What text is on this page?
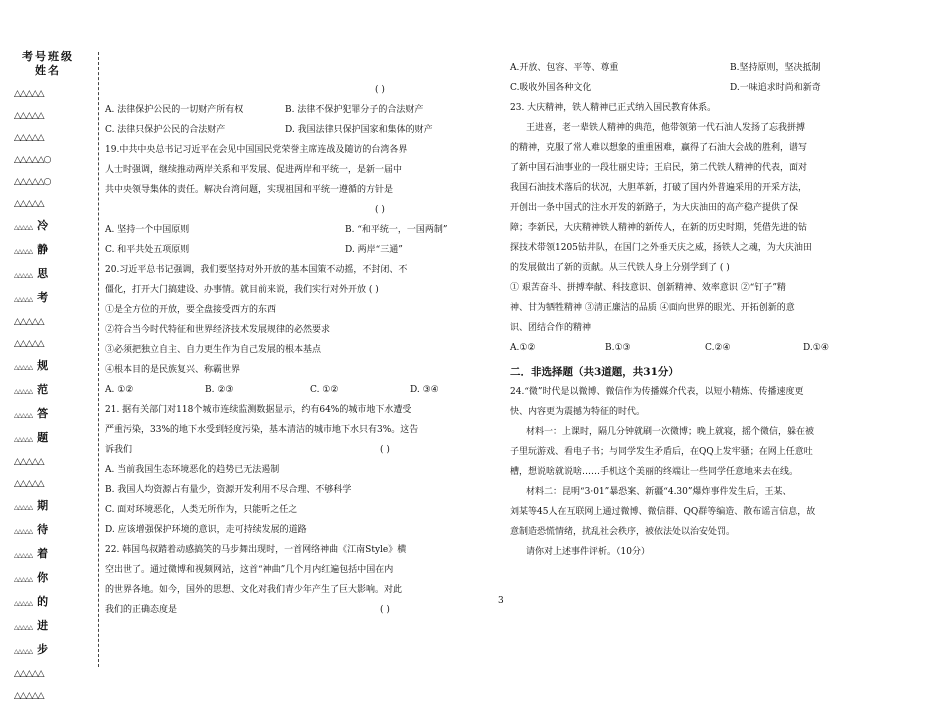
考号班级
姓名
△△△△△
△△△△△
△△△△△
△△△△△○
△△△△△○
△△△△△
△△△△△ 冷
△△△△△ 静
△△△△△ 思
△△△△△ 考
△△△△△
△△△△△
△△△△△ 规
△△△△△ 范
△△△△△ 答
△△△△△ 题
△△△△△
△△△△△
△△△△△ 期
△△△△△ 待
△△△△△ 着
△△△△△ 你
△△△△△ 的
△△△△△ 进
△△△△△ 步
△△△△△
△△△△△

( )

A. 法律保护公民的一切财产所有权	B. 法律不保护犯罪分子的合法财产
C. 法律只保护公民的合法财产	D. 我国法律只保护国家和集体的财产

19.中共中央总书记习近平在会见中国国民党荣誉主席连战及随访的台湾各界

人士时强调，继续推动两岸关系和平发展、促进两岸和平统一，是新一届中

共中央领导集体的责任。解决台湾问题，实现祖国和平统一遵循的方针是

( )

A. 坚持一个中国原则	B. “和平统一，一国两制”
C. 和平共处五项原则	D. 两岸“三通”

20.习近平总书记强调，我们要坚持对外开放的基本国策不动摇，不封闭、不

僵化，打开大门搞建设、办事情。就目前来说，我们实行对外开放 ( )

①是全方位的开放，要全盘接受西方的东西

②符合当今时代特征和世界经济技术发展规律的必然要求

③必须把独立自主、自力更生作为自己发展的根本基点

④根本目的是民族复兴、称霸世界

A. ①②	B. ②③	C. ①②	D. ③④

21. 据有关部门对118个城市连续监测数据显示，约有64%的城市地下水遭受

严重污染，33%的地下水受到轻度污染，基本清洁的城市地下水只有3%。这告

诉我们	( )

A. 当前我国生态环境恶化的趋势已无法遏制

B. 我国人均资源占有量少，资源开发利用不尽合理、不够科学

C. 面对环境恶化，人类无所作为，只能听之任之

D. 应该增强保护环境的意识，走可持续发展的道路

22. 韩国鸟叔踏着动感搞笑的马步舞出现时，一首网络神曲《江南Style》横

空出世了。通过微博和视频网站，这首“神曲”几个月内红遍包括中国在内

的世界各地。如今，国外的思想、文化对我们青少年产生了巨大影响。对此

我们的正确态度是	( )
A.开放、包容、平等、尊重	B.坚持原则，坚决抵制
C.吸收外国各种文化	D.一味追求时尚和新奇

23. 大庆精神，铁人精神已正式纳入国民教育体系。

王进喜，老一辈铁人精神的典范，他带领第一代石油人发扬了忘我拼搏

的精神，克服了常人难以想象的重重困难，赢得了石油大会战的胜利，谱写

了新中国石油事业的一段壮丽史诗；王启民，第二代铁人精神的代表，面对

我国石油技术落后的状况，大胆革新，打破了国内外普遍采用的开采方法，

开创出一条中国式的注水开发的新路子，为大庆油田的高产稳产提供了保

障；李新民，大庆精神铁人精神的新传人，在新的历史时期，凭借先进的钻

探技术带领1205钻井队，在国门之外垂天庆之威，扬铁人之魂，为大庆油田

的发展做出了新的贡献。从三代铁人身上分别学到了 ( )

① 艰苦奋斗、拼搏奉献、科技意识、创新精神、效率意识 ②“钉子”精

神、甘为牺牲精神 ③清正廉洁的品质 ④面向世界的眼光、开拓创新的意

识、团结合作的精神

A.①②	B.①③	C.②④	D.①④

二．非选择题（共3道题，共31分）

24.“微”时代是以微博、微信作为传播媒介代表，以短小精炼、传播速度更

快、内容更为震撼为特征的时代。

材料一：上课时，隔几分钟就刷一次微博；晚上就寝，摇个微信，躲在被

子里玩游戏、看电子书；与同学发生矛盾后，在QQ上发牢骚；在网上任意吐

槽，想说啥就说啥……手机这个美丽的终端让一些同学任意地来去在线。

材料二：昆明“3·01”暴恐案、新疆“4.30”爆炸事件发生后，王某、

刘某等45人在互联网上通过微博、微信群、QQ群等编造、散布谣言信息，故

意制造恐慌情绪，扰乱社会秩序，被依法处以治安处罚。

请你对上述事件评析。（10分）

3
